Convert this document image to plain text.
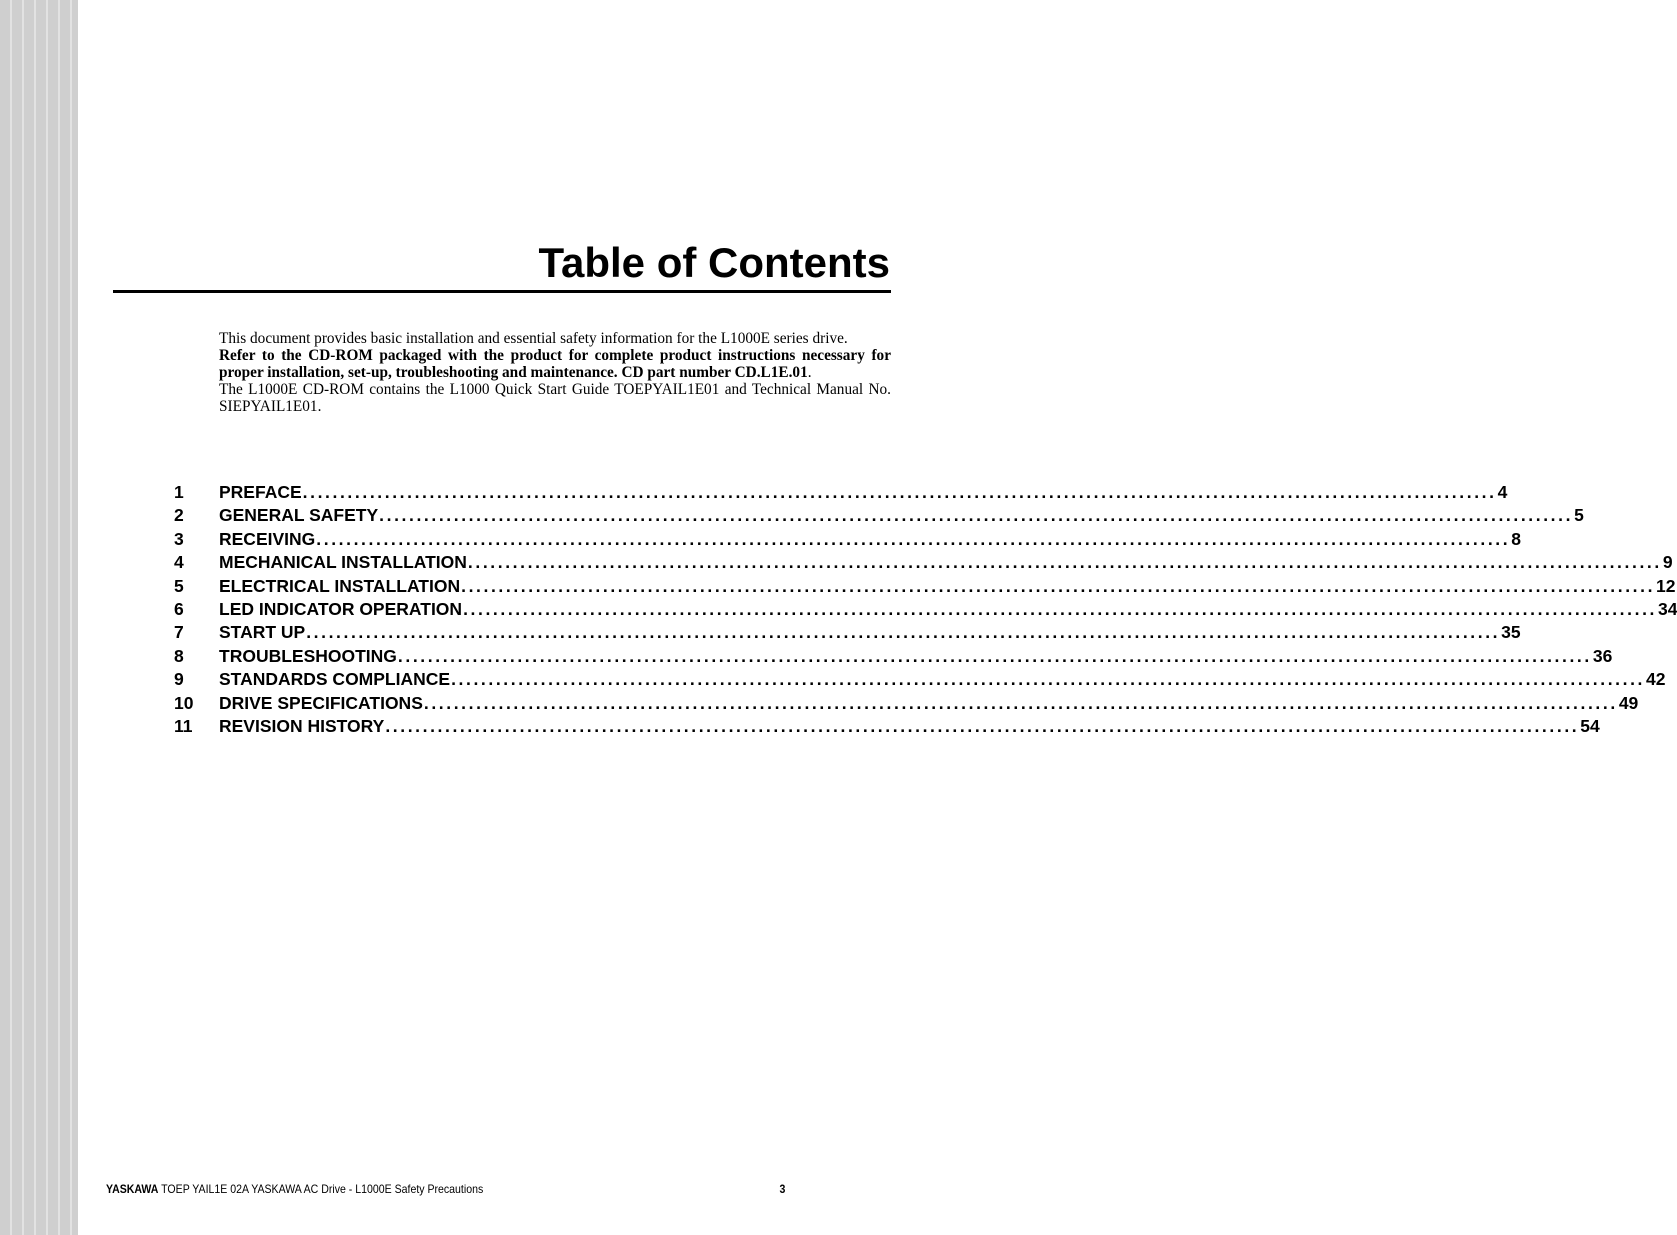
Table of Contents

This document provides basic installation and essential safety information for the L1000E series drive.

Refer to the CD-ROM packaged with the product for complete product instructions necessary for proper installation, set-up, troubleshooting and maintenance. CD part number CD.L1E.01.

The L1000E CD-ROM contains the L1000 Quick Start Guide TOEPYAIL1E01 and Technical Manual No. SIEPYAIL1E01.

1	PREFACE ................................................................................................................................................................ 4
2	GENERAL SAFETY ................................................................................................................................................................ 5
3	RECEIVING ................................................................................................................................................................ 8
4	MECHANICAL INSTALLATION ................................................................................................................................................................ 9
5	ELECTRICAL INSTALLATION ................................................................................................................................................................ 12
6	LED INDICATOR OPERATION ................................................................................................................................................................ 34
7	START UP ................................................................................................................................................................ 35
8	TROUBLESHOOTING ................................................................................................................................................................ 36
9	STANDARDS COMPLIANCE ................................................................................................................................................................ 42
10	DRIVE SPECIFICATIONS ................................................................................................................................................................ 49
11	REVISION HISTORY ................................................................................................................................................................ 54
YASKAWA TOEP YAIL1E 02A YASKAWA AC Drive - L1000E Safety Precautions	3
